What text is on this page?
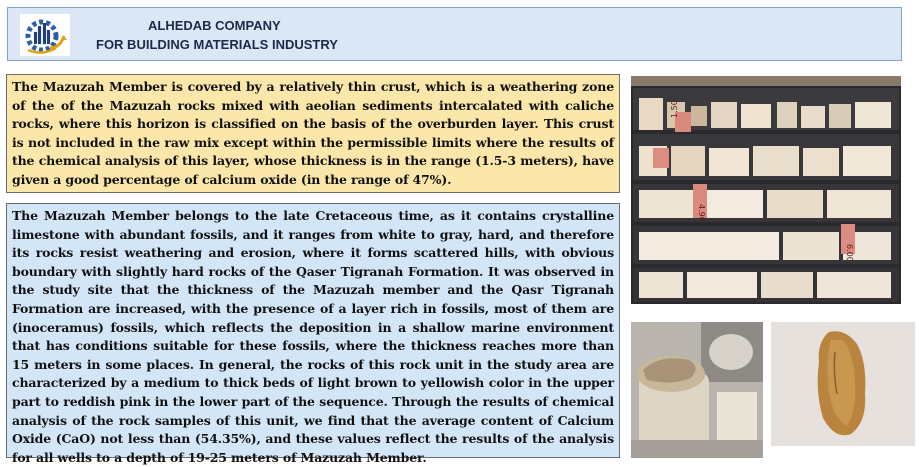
ALHEDAB COMPANY
FOR BUILDING MATERIALS INDUSTRY

The Mazuzah Member is covered by a relatively thin crust, which is a weathering zone of the of the Mazuzah rocks mixed with aeolian sediments intercalated with caliche rocks, where this horizon is classified on the basis of the overburden layer. This crust is not included in the raw mix except within the permissible limits where the results of the chemical analysis of this layer, whose thickness is in the range (1.5-3 meters), have given a good percentage of calcium oxide (in the range of 47%).

The Mazuzah Member belongs to the late Cretaceous time, as it contains crystalline limestone with abundant fossils, and it ranges from white to gray, hard, and therefore its rocks resist weathering and erosion, where it forms scattered hills, with obvious boundary with slightly hard rocks of the Qaser Tigranah Formation. It was observed in the study site that the thickness of the Mazuzah member and the Qasr Tigranah Formation are increased, with the presence of a layer rich in fossils, most of them are (inoceramus) fossils, which reflects the deposition in a shallow marine environment that has conditions suitable for these fossils, where the thickness reaches more than 15 meters in some places. In general, the rocks of this rock unit in the study area are characterized by a medium to thick beds of light brown to yellowish color in the upper part to reddish pink in the lower part of the sequence. Through the results of chemical analysis of the rock samples of this unit, we find that the average content of Calcium Oxide (CaO) not less than (54.35%), and these values reflect the results of the analysis for all wells to a depth of 19-25 meters of Mazuzah Member.

1.50
4.90
6.00
